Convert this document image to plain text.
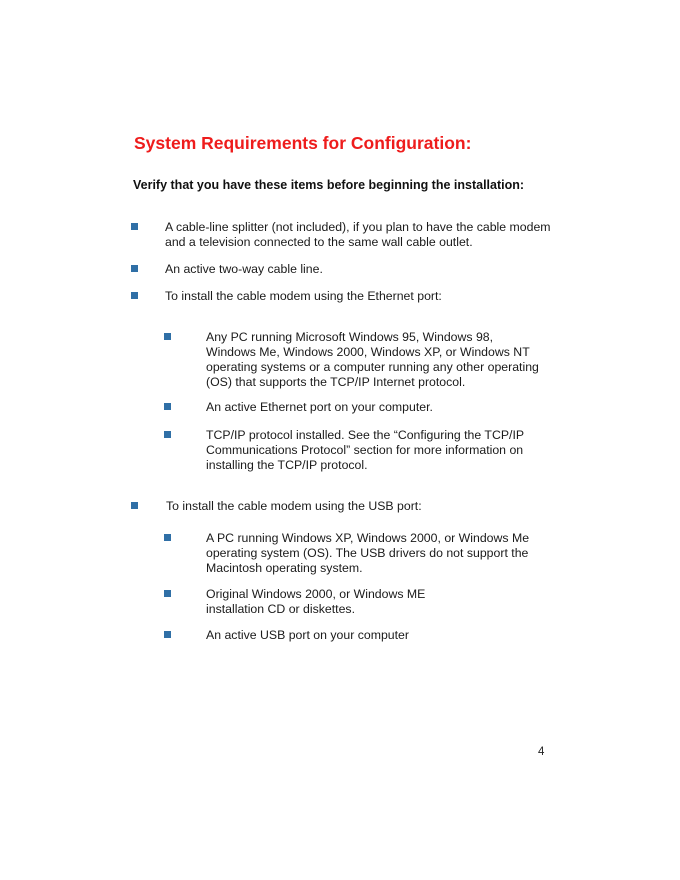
System Requirements for Configuration:
Verify that you have these items before beginning the installation:
A cable-line splitter (not included), if you plan to have the cable modem
and a television connected to the same wall cable outlet.
An active two-way cable line.
To install the cable modem using the Ethernet port:
Any PC running Microsoft Windows 95, Windows 98,
Windows Me, Windows 2000, Windows XP, or Windows NT
operating systems or a computer running any other operating
(OS) that supports the TCP/IP Internet protocol.
An active Ethernet port on your computer.
TCP/IP protocol installed. See the “Configuring the TCP/IP
Communications Protocol” section for more information on
installing the TCP/IP protocol.
To install the cable modem using the USB port:
A PC running Windows XP, Windows 2000, or Windows Me
operating system (OS). The USB drivers do not support the
Macintosh operating system.
Original Windows 2000, or Windows ME
installation CD or diskettes.
An active USB port on your computer
4
